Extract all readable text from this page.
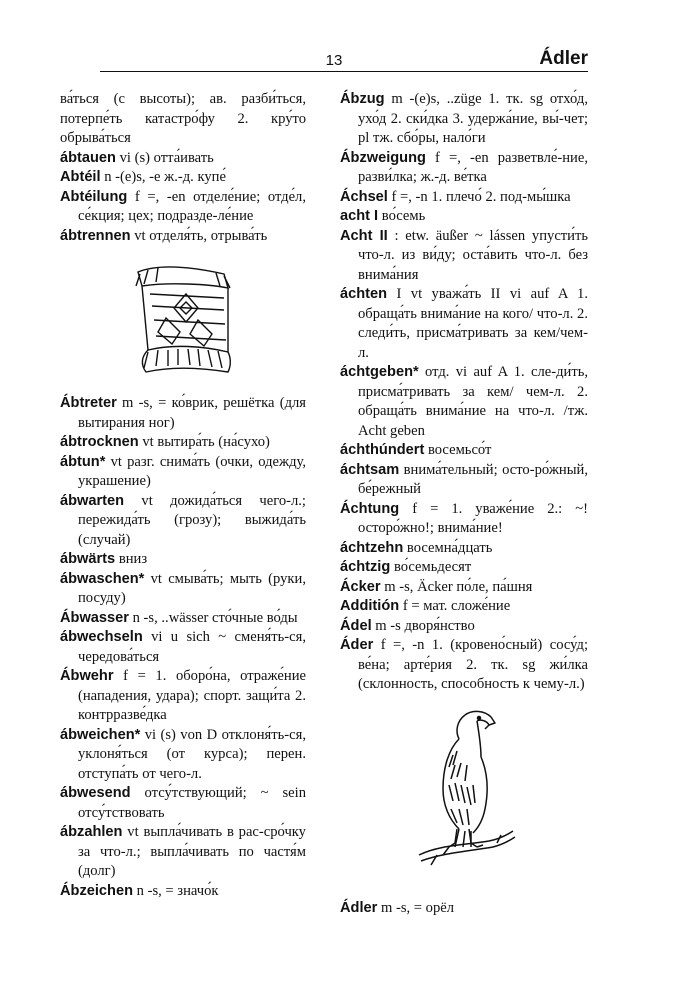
13	Ádler

ва́ться (с высоты); ав. разби́ться, потерпе́ть катастро́фу 2. кру́то обрыва́ться

ábtauen vi (s) отта́ивать

Abtéil n -(e)s, -e ж.-д. купе́

Abtéilung f =, -en отделе́ние; отде́л, се́кция; цех; подразде-ле́ние

ábtrennen vt отделя́ть, отрыва́ть

Ábtreter m -s, = ко́врик, решётка (для вытирания ног)

ábtrocknen vt вытира́ть (на́сухо)

ábtun* vt разг. снима́ть (очки, одежду, украшение)

ábwarten vt дожида́ться чего-л.; пережида́ть (грозу); выжида́ть (случай)

ábwärts вниз

ábwaschen* vt смыва́ть; мыть (руки, посуду)

Ábwasser n -s, ..wässer сто́чные во́ды

ábwechseln vi u sich ~ сменя́ть-ся, чередова́ться

Ábwehr f = 1. оборо́на, отраже́ние (нападения, удара); спорт. защи́та 2. контрразве́дка

ábweichen* vi (s) von D отклоня́ть-ся, уклоня́ться (от курса); перен. отступа́ть от чего-л.

ábwesend отсу́тствующий; ~ sein отсу́тствовать

ábzahlen vt выпла́чивать в рас-сро́чку за что-л.; выпла́чивать по частя́м (долг)

Ábzeichen n -s, = значо́к

Ábzug m -(e)s, ..züge 1. тк. sg отхо́д, ухо́д 2. ски́дка 3. удержа́ние, вы́-чет; pl тж. сбо́ры, нало́ги

Ábzweigung f =, -en разветвле́-ние, разви́лка; ж.-д. ве́тка

Áchsel f =, -n 1. плечо́ 2. под-мы́шка

acht I во́семь

Acht II : etw. äußer ~ lássen упусти́ть что-л. из ви́ду; оста́вить что-л. без внима́ния

áchten I vt уважа́ть II vi auf A 1. обраща́ть внима́ние на кого/ что-л. 2. следи́ть, присма́тривать за кем/чем-л.

áchtgeben* отд. vi auf A 1. сле-ди́ть, присма́тривать за кем/ чем-л. 2. обраща́ть внима́ние на что-л. /тж. Acht geben

áchthúndert восемьсо́т

áchtsam внима́тельный; осто-ро́жный, бе́режный

Áchtung f = 1. уваже́ние 2.: ~! осторо́жно!; внима́ние!

áchtzehn восемна́дцать

áchtzig во́семьдесят

Ácker m -s, Äcker по́ле, па́шня

Additión f = мат. сложе́ние

Ádel m -s дворя́нство

Áder f =, -n 1. (кровено́сный) сосу́д; ве́на; арте́рия 2. тк. sg жи́лка (склонность, способность к чему-л.)

Ádler m -s, = орёл
